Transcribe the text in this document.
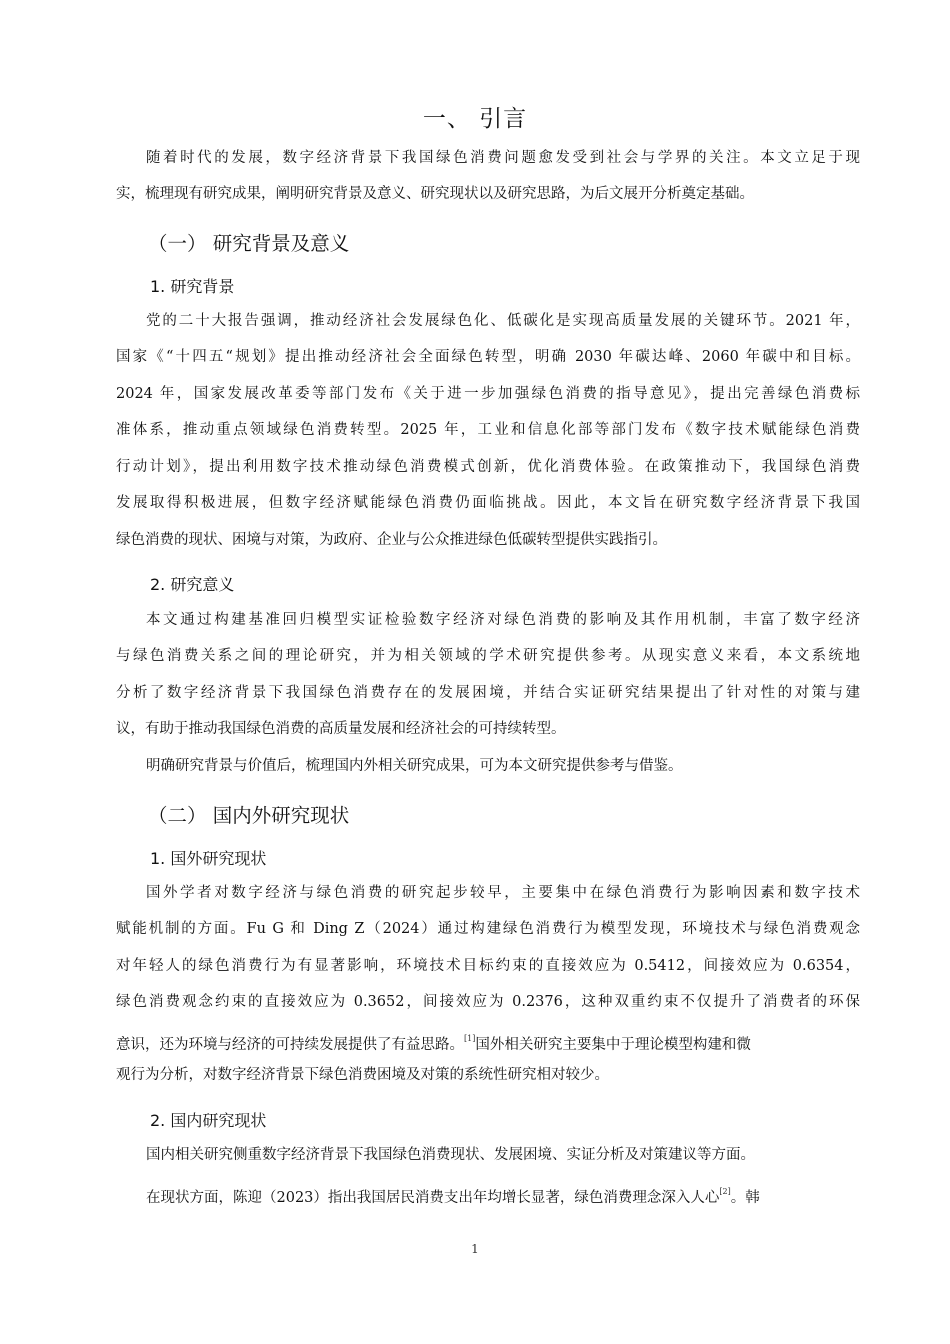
一、 引言
随着时代的发展，数字经济背景下我国绿色消费问题愈发受到社会与学界的关注。本文立足于现
实，梳理现有研究成果，阐明研究背景及意义、研究现状以及研究思路，为后文展开分析奠定基础。
（一） 研究背景及意义
1. 研究背景
党的二十大报告强调，推动经济社会发展绿色化、低碳化是实现高质量发展的关键环节。2021 年，
国家《“十四五“规划》提出推动经济社会全面绿色转型，明确 2030 年碳达峰、2060 年碳中和目标。
2024 年，国家发展改革委等部门发布《关于进一步加强绿色消费的指导意见》，提出完善绿色消费标
准体系，推动重点领域绿色消费转型。2025 年，工业和信息化部等部门发布《数字技术赋能绿色消费
行动计划》，提出利用数字技术推动绿色消费模式创新，优化消费体验。在政策推动下，我国绿色消费
发展取得积极进展，但数字经济赋能绿色消费仍面临挑战。因此，本文旨在研究数字经济背景下我国
绿色消费的现状、困境与对策，为政府、企业与公众推进绿色低碳转型提供实践指引。
2. 研究意义
本文通过构建基准回归模型实证检验数字经济对绿色消费的影响及其作用机制，丰富了数字经济
与绿色消费关系之间的理论研究，并为相关领域的学术研究提供参考。从现实意义来看，本文系统地
分析了数字经济背景下我国绿色消费存在的发展困境，并结合实证研究结果提出了针对性的对策与建
议，有助于推动我国绿色消费的高质量发展和经济社会的可持续转型。
明确研究背景与价值后，梳理国内外相关研究成果，可为本文研究提供参考与借鉴。
（二） 国内外研究现状
1. 国外研究现状
国外学者对数字经济与绿色消费的研究起步较早，主要集中在绿色消费行为影响因素和数字技术
赋能机制的方面。Fu G 和 Ding Z（2024）通过构建绿色消费行为模型发现，环境技术与绿色消费观念
对年轻人的绿色消费行为有显著影响，环境技术目标约束的直接效应为 0.5412，间接效应为 0.6354，
绿色消费观念约束的直接效应为 0.3652，间接效应为 0.2376，这种双重约束不仅提升了消费者的环保
意识，还为环境与经济的可持续发展提供了有益思路。[1]国外相关研究主要集中于理论模型构建和微
观行为分析，对数字经济背景下绿色消费困境及对策的系统性研究相对较少。
2. 国内研究现状
国内相关研究侧重数字经济背景下我国绿色消费现状、发展困境、实证分析及对策建议等方面。
在现状方面，陈迎（2023）指出我国居民消费支出年均增长显著，绿色消费理念深入人心[2]。韩
1
